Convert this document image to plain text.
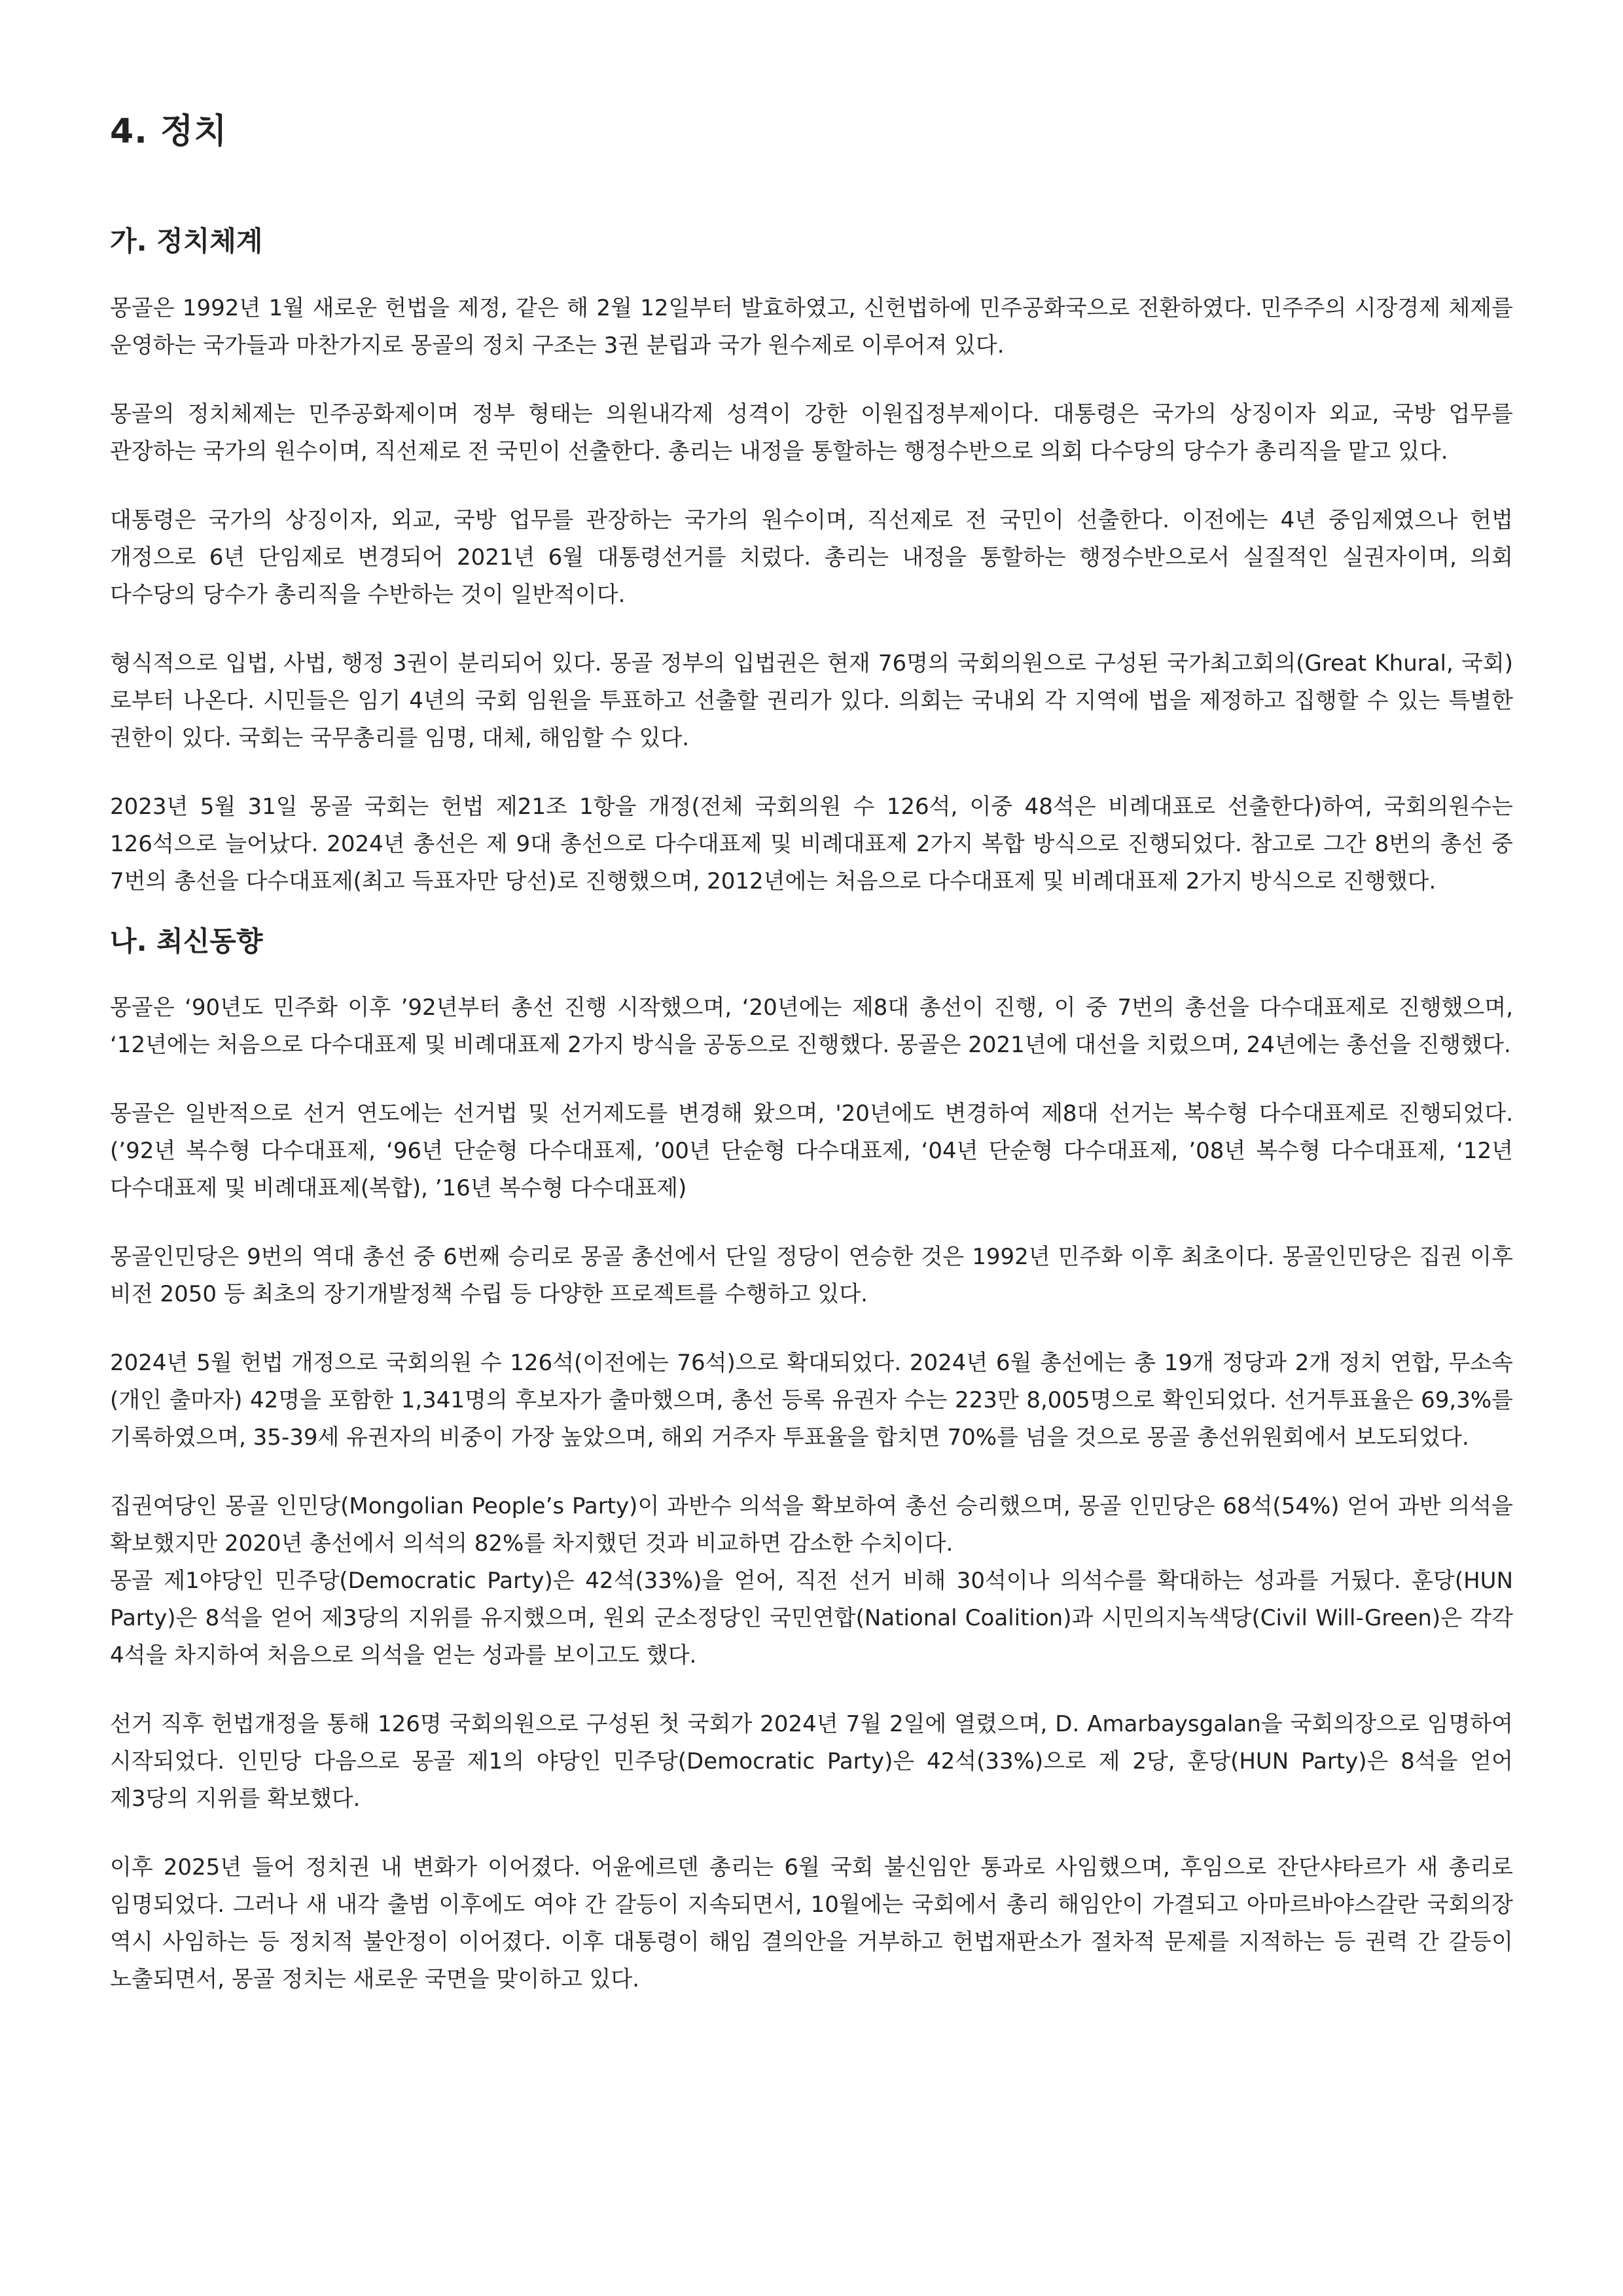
4. 정치
가. 정치체계

몽골은 1992년 1월 새로운 헌법을 제정, 같은 해 2월 12일부터 발효하였고, 신헌법하에 민주공화국으로 전환하였다. 민주주의 시장경제 체제를 운영하는 국가들과 마찬가지로 몽골의 정치 구조는 3권 분립과 국가 원수제로 이루어져 있다.

몽골의 정치체제는 민주공화제이며 정부 형태는 의원내각제 성격이 강한 이원집정부제이다. 대통령은 국가의 상징이자 외교, 국방 업무를 관장하는 국가의 원수이며, 직선제로 전 국민이 선출한다. 총리는 내정을 통할하는 행정수반으로 의회 다수당의 당수가 총리직을 맡고 있다.

대통령은 국가의 상징이자, 외교, 국방 업무를 관장하는 국가의 원수이며, 직선제로 전 국민이 선출한다. 이전에는 4년 중임제였으나 헌법 개정으로 6년 단임제로 변경되어 2021년 6월 대통령선거를 치렀다. 총리는 내정을 통할하는 행정수반으로서 실질적인 실권자이며, 의회 다수당의 당수가 총리직을 수반하는 것이 일반적이다.

형식적으로 입법, 사법, 행정 3권이 분리되어 있다. 몽골 정부의 입법권은 현재 76명의 국회의원으로 구성된 국가최고회의(Great Khural, 국회)로부터 나온다. 시민들은 임기 4년의 국회 임원을 투표하고 선출할 권리가 있다. 의회는 국내외 각 지역에 법을 제정하고 집행할 수 있는 특별한 권한이 있다. 국회는 국무총리를 임명, 대체, 해임할 수 있다.

2023년 5월 31일 몽골 국회는 헌법 제21조 1항을 개정(전체 국회의원 수 126석, 이중 48석은 비례대표로 선출한다)하여, 국회의원수는 126석으로 늘어났다. 2024년 총선은 제 9대 총선으로 다수대표제 및 비례대표제 2가지 복합 방식으로 진행되었다. 참고로 그간 8번의 총선 중 7번의 총선을 다수대표제(최고 득표자만 당선)로 진행했으며, 2012년에는 처음으로 다수대표제 및 비례대표제 2가지 방식으로 진행했다.

나. 최신동향

몽골은 ‘90년도 민주화 이후 ’92년부터 총선 진행 시작했으며, ‘20년에는 제8대 총선이 진행, 이 중 7번의 총선을 다수대표제로 진행했으며, ‘12년에는 처음으로 다수대표제 및 비례대표제 2가지 방식을 공동으로 진행했다. 몽골은 2021년에 대선을 치렀으며, 24년에는 총선을 진행했다.

몽골은 일반적으로 선거 연도에는 선거법 및 선거제도를 변경해 왔으며, '20년에도 변경하여 제8대 선거는 복수형 다수대표제로 진행되었다. (’92년 복수형 다수대표제, ‘96년 단순형 다수대표제, ’00년 단순형 다수대표제, ‘04년 단순형 다수대표제, ’08년 복수형 다수대표제, ‘12년 다수대표제 및 비례대표제(복합), ’16년 복수형 다수대표제)

몽골인민당은 9번의 역대 총선 중 6번째 승리로 몽골 총선에서 단일 정당이 연승한 것은 1992년 민주화 이후 최초이다. 몽골인민당은 집권 이후 비전 2050 등 최초의 장기개발정책 수립 등 다양한 프로젝트를 수행하고 있다.

2024년 5월 헌법 개정으로 국회의원 수 126석(이전에는 76석)으로 확대되었다. 2024년 6월 총선에는 총 19개 정당과 2개 정치 연합, 무소속(개인 출마자) 42명을 포함한 1,341명의 후보자가 출마했으며, 총선 등록 유권자 수는 223만 8,005명으로 확인되었다. 선거투표율은 69,3%를 기록하였으며, 35-39세 유권자의 비중이 가장 높았으며, 해외 거주자 투표율을 합치면 70%를 넘을 것으로 몽골 총선위원회에서 보도되었다.

집권여당인 몽골 인민당(Mongolian People’s Party)이 과반수 의석을 확보하여 총선 승리했으며, 몽골 인민당은 68석(54%) 얻어 과반 의석을 확보했지만 2020년 총선에서 의석의 82%를 차지했던 것과 비교하면 감소한 수치이다.

몽골 제1야당인 민주당(Democratic Party)은 42석(33%)을 얻어, 직전 선거 비해 30석이나 의석수를 확대하는 성과를 거뒀다. 훈당(HUN Party)은 8석을 얻어 제3당의 지위를 유지했으며, 원외 군소정당인 국민연합(National Coalition)과 시민의지녹색당(Civil Will-Green)은 각각 4석을 차지하여 처음으로 의석을 얻는 성과를 보이고도 했다.

선거 직후 헌법개정을 통해 126명 국회의원으로 구성된 첫 국회가 2024년 7월 2일에 열렸으며, D. Amarbaysgalan을 국회의장으로 임명하여 시작되었다. 인민당 다음으로 몽골 제1의 야당인 민주당(Democratic Party)은 42석(33%)으로 제 2당, 훈당(HUN Party)은 8석을 얻어 제3당의 지위를 확보했다.

이후 2025년 들어 정치권 내 변화가 이어졌다. 어윤에르덴 총리는 6월 국회 불신임안 통과로 사임했으며, 후임으로 잔단샤타르가 새 총리로 임명되었다. 그러나 새 내각 출범 이후에도 여야 간 갈등이 지속되면서, 10월에는 국회에서 총리 해임안이 가결되고 아마르바야스갈란 국회의장 역시 사임하는 등 정치적 불안정이 이어졌다. 이후 대통령이 해임 결의안을 거부하고 헌법재판소가 절차적 문제를 지적하는 등 권력 간 갈등이 노출되면서, 몽골 정치는 새로운 국면을 맞이하고 있다.
